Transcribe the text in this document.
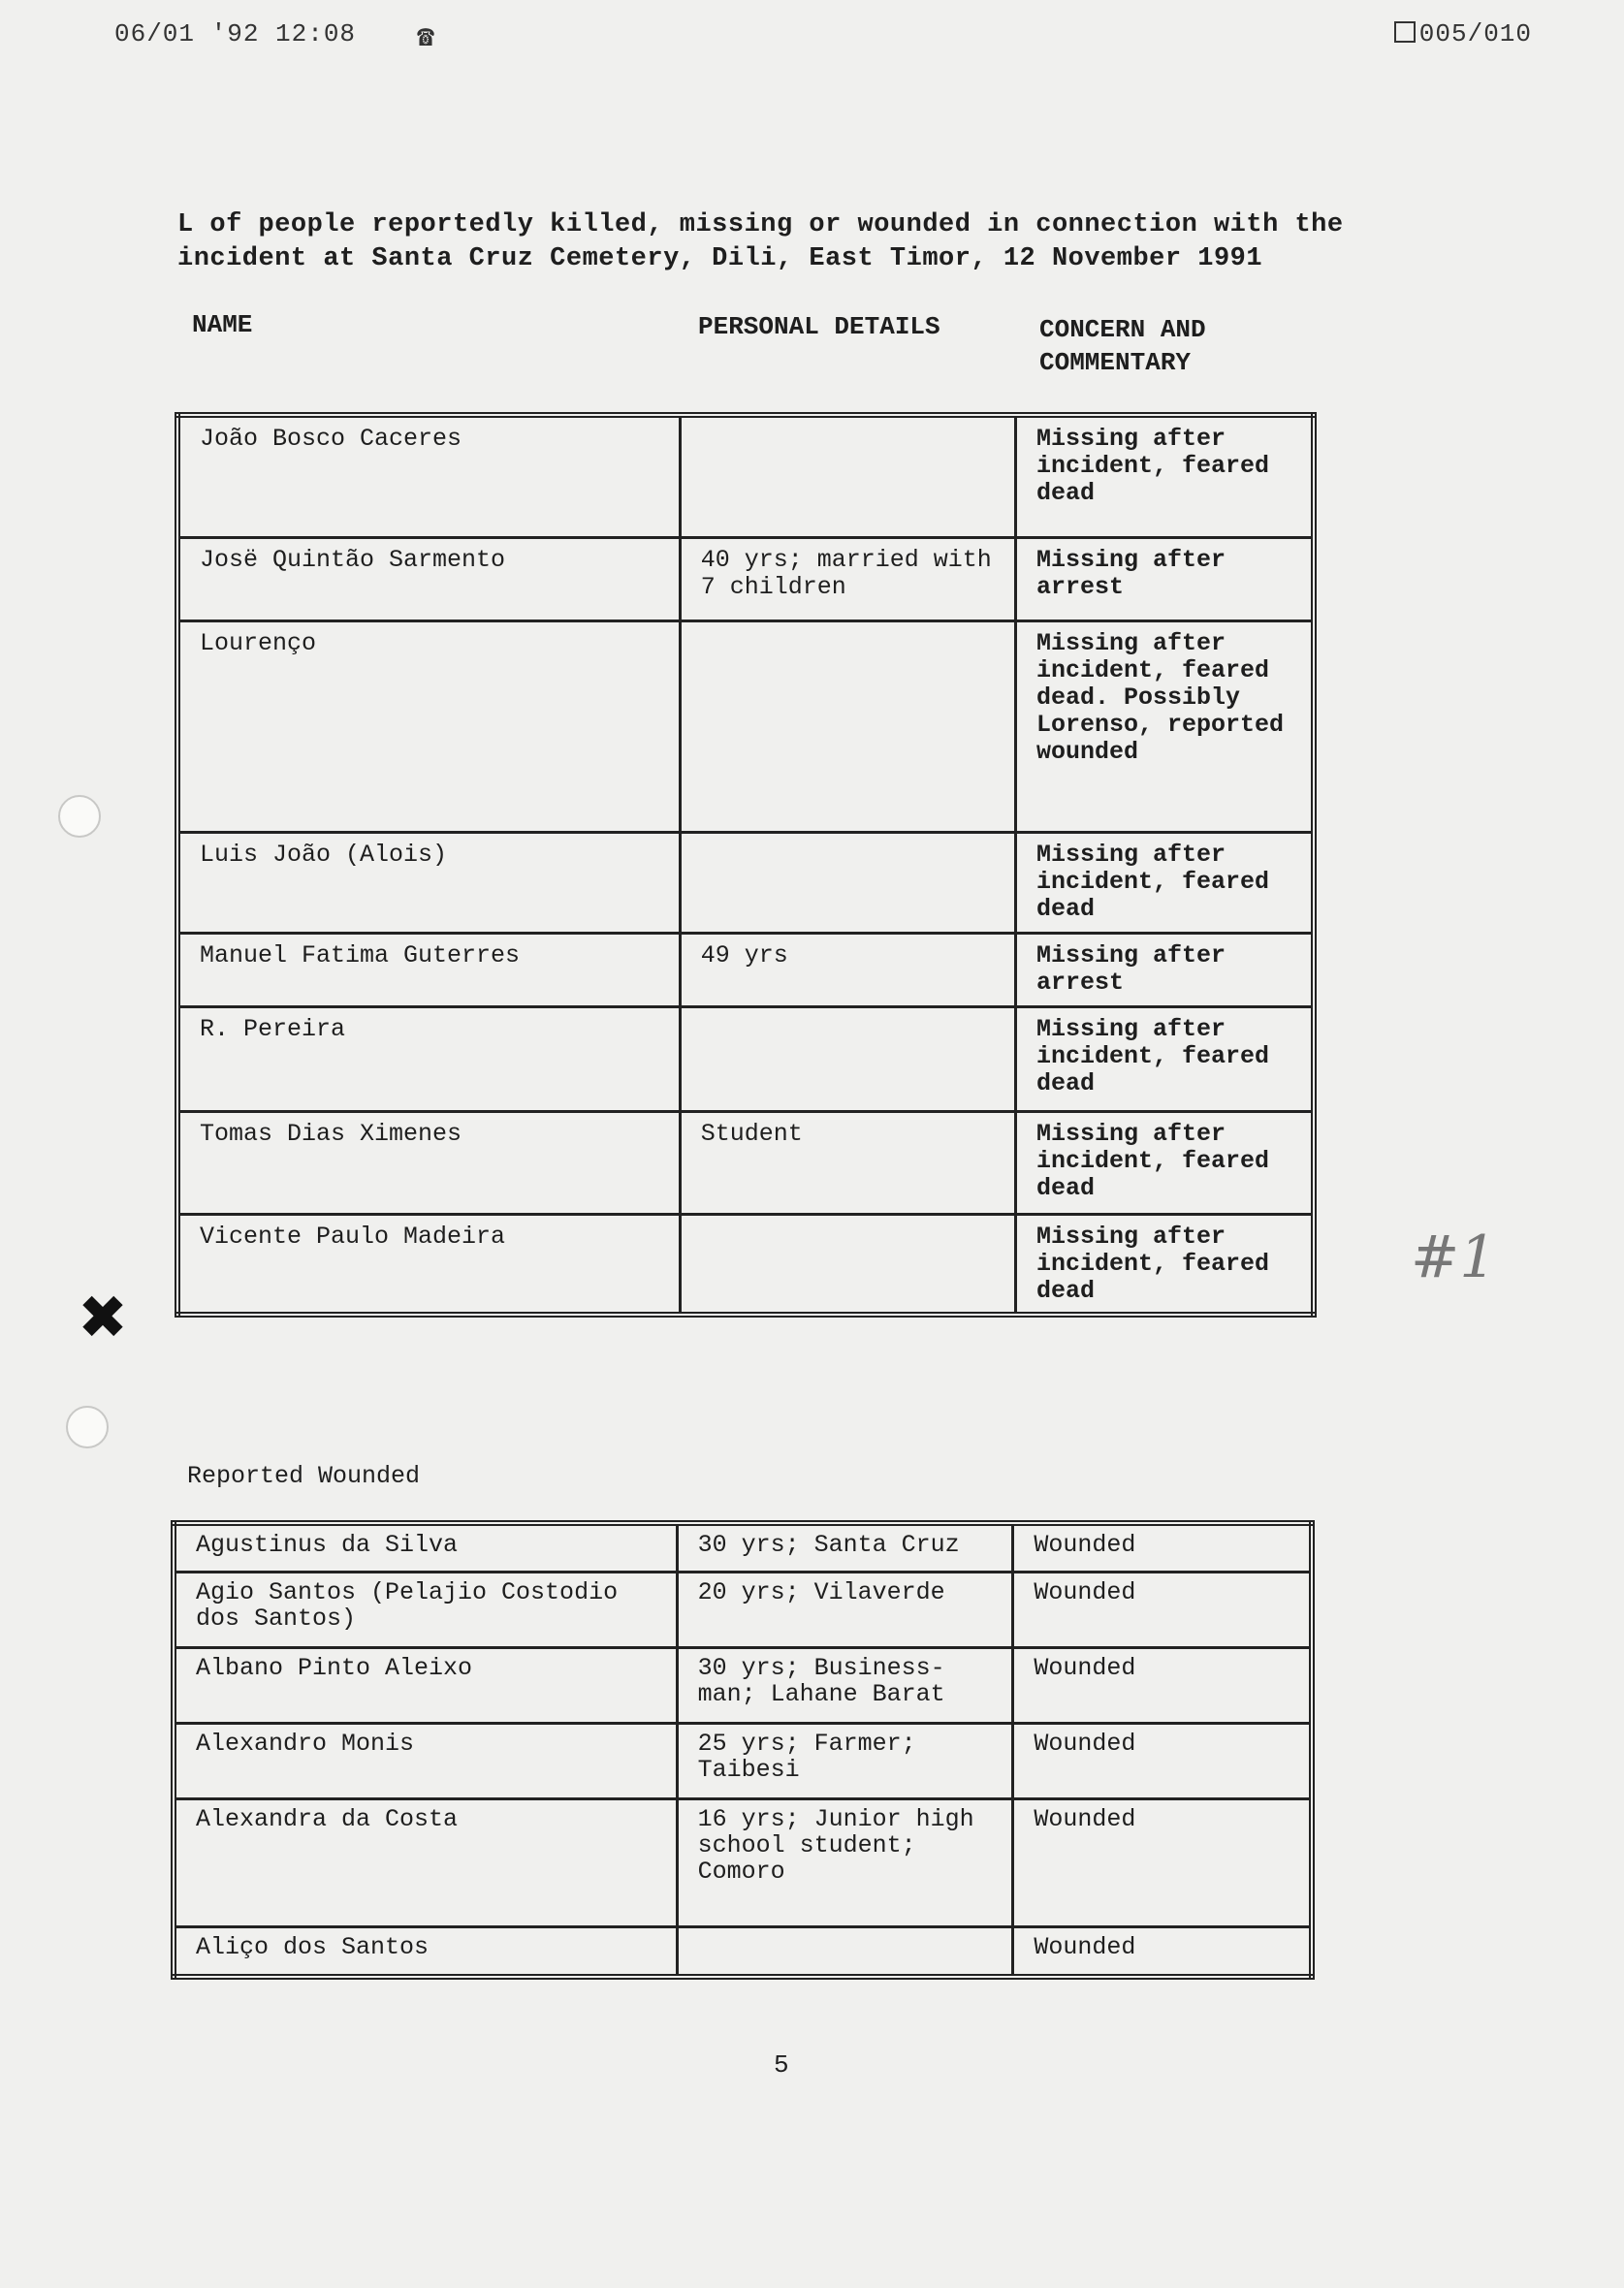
06/01 '92 12:08 ☎	005/010
L of people reportedly killed, missing or wounded in connection with the
incident at Santa Cruz Cemetery, Dili, East Timor, 12 November 1991
NAME	PERSONAL DETAILS	CONCERN AND COMMENTARY
João Bosco Caceres		Missing after incident, feared dead
Josë Quintão Sarmento	40 yrs; married with 7 children	Missing after arrest
Lourenço		Missing after incident, feared dead. Possibly Lorenso, reported wounded
Luis João (Alois)		Missing after incident, feared dead
Manuel Fatima Guterres	49 yrs	Missing after arrest
R. Pereira		Missing after incident, feared dead
Tomas Dias Ximenes	Student	Missing after incident, feared dead
Vicente Paulo Madeira		Missing after incident, feared dead
Reported Wounded
Agustinus da Silva	30 yrs; Santa Cruz	Wounded
Agio Santos (Pelajio Costodio dos Santos)	20 yrs; Vilaverde	Wounded
Albano Pinto Aleixo	30 yrs; Business-man; Lahane Barat	Wounded
Alexandro Monis	25 yrs; Farmer; Taibesi	Wounded
Alexandra da Costa	16 yrs; Junior high school student; Comoro	Wounded
Aliço dos Santos		Wounded
5
✖
#1
